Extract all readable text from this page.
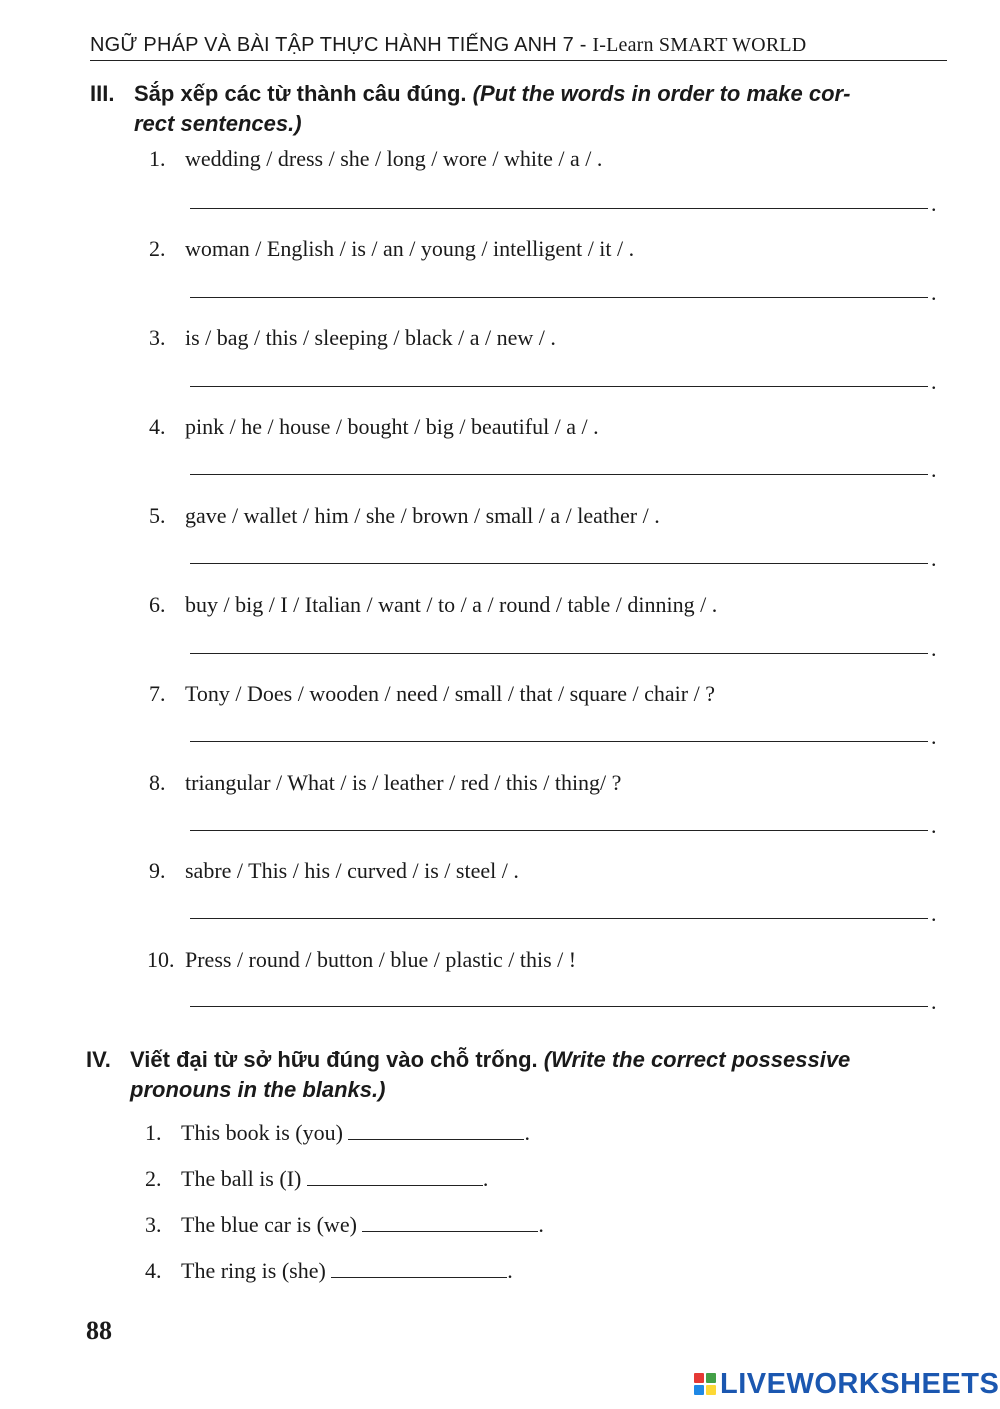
NGỮ PHÁP VÀ BÀI TẬP THỰC HÀNH TIẾNG ANH 7 - I-Learn SMART WORLD
III. Sắp xếp các từ thành câu đúng. (Put the words in order to make cor-
rect sentences.)
1. wedding / dress / she / long / wore / white / a / .
.
2. woman / English / is / an / young / intelligent / it / .
.
3. is / bag / this / sleeping / black / a / new / .
.
4. pink / he / house / bought / big / beautiful / a / .
.
5. gave / wallet / him / she / brown / small / a / leather / .
.
6. buy / big / I / Italian / want / to / a / round / table / dinning / .
.
7. Tony / Does / wooden / need / small / that / square / chair / ?
.
8. triangular / What / is / leather / red / this / thing/ ?
.
9. sabre / This / his / curved / is / steel / .
.
10. Press / round / button / blue / plastic / this / !
.
IV. Viết đại từ sở hữu đúng vào chỗ trống. (Write the correct possessive
pronouns in the blanks.)
1. This book is (you)	.
2. The ball is (I)	.
3. The blue car is (we)	.
4. The ring is (she)	.
88
LIVEWORKSHEETS
